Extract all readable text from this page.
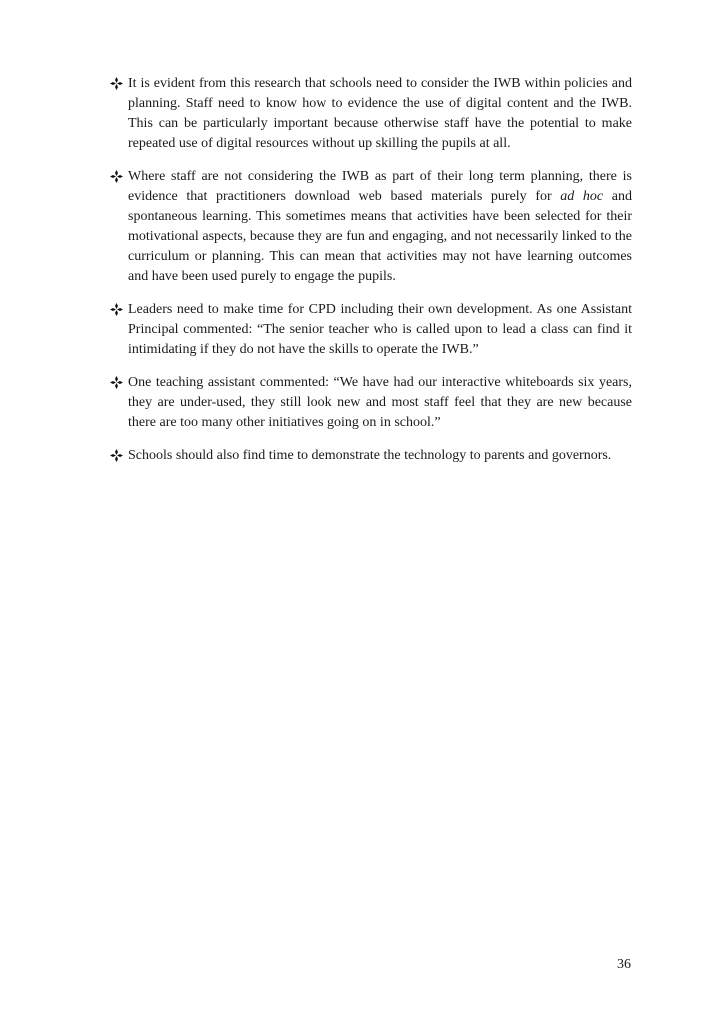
It is evident from this research that schools need to consider the IWB within policies and planning. Staff need to know how to evidence the use of digital content and the IWB. This can be particularly important because otherwise staff have the potential to make repeated use of digital resources without up skilling the pupils at all.

Where staff are not considering the IWB as part of their long term planning, there is evidence that practitioners download web based materials purely for ad hoc and spontaneous learning. This sometimes means that activities have been selected for their motivational aspects, because they are fun and engaging, and not necessarily linked to the curriculum or planning. This can mean that activities may not have learning outcomes and have been used purely to engage the pupils.

Leaders need to make time for CPD including their own development. As one Assistant Principal commented: “The senior teacher who is called upon to lead a class can find it intimidating if they do not have the skills to operate the IWB.”

One teaching assistant commented: “We have had our interactive whiteboards six years, they are under-used, they still look new and most staff feel that they are new because there are too many other initiatives going on in school.”

Schools should also find time to demonstrate the technology to parents and governors.

36
